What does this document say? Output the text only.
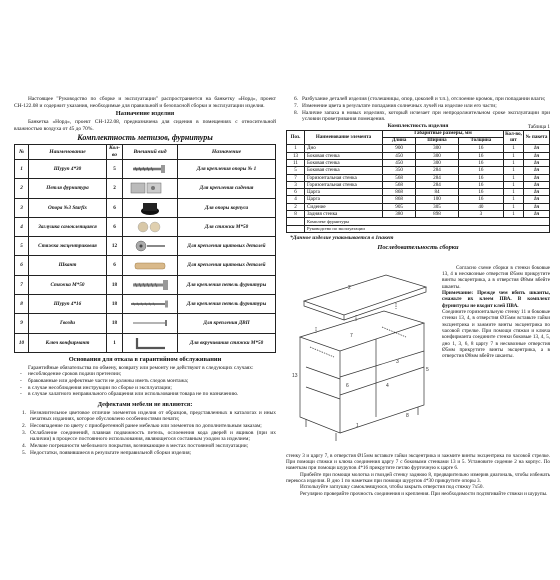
Настоящее "Руководство по сборке и эксплуатации" распространяется на банкетку «Норд», проект СН-122.08 и содержит указания, необходимые для правильной и безопасной сборки и эксплуатации изделия.

Назначение изделия

Банкетка «Норд», проект СН-122.08, предназначена для сидения в помещениях с относительной влажностью воздуха от 45 до 70%.

Комплектность метизов, фурнитуры
№	Наименование	Кол-во	Внешний вид	Назначение
1	Шуруп 4*30	5		Для крепления опоры № 1
2	Петля фурнитура	2		Для крепления сидения
3	Опора №3 Starfix	6		Для опоры корпуса
4	Заглушка самоклеящаяся	6		Для стяжки М*50
5	Стяжка эксцентриковая	12		Для крепления щитовых деталей
6	Шкант	6		Для крепления щитовых деталей
7	Стяжка М*50	18		Для крепления петель фурнитуры
8	Шуруп 4*16	18		Для крепления петель фурнитуры
9	Гвозди	18		Для крепления ДВП
10	Ключ конфирмант	1		Для вкручивания стяжки М*50
Основания для отказа в гарантийном обслуживании

Гарантийные обязательства по обмену, возврату или ремонту не действуют в следующих случаях:

- несоблюдение сроков подачи претензии;
- бракованные или дефектные части не должны иметь следов монтажа;
- в случае несоблюдения инструкции по сборке и эксплуатации;
- в случае халатного неправильного обращения или использования товара не по назначению.
Дефектами мебели не являются:
1. Незначительное цветовое отличие элементов изделия от образцов, представленных в каталогах и иных печатных изданиях, которое обусловлено особенностями печати;
2. Несовпадение по цвету с приобретенной ранее мебелью или элементов по дополнительным заказам;
3. Ослабление соединений, плавная подвижность петель, ослоенения кода дверей и ящиков (при их наличии) в процессе постоянного использования, являющегося составным уходом за изделием;
4. Мелкие погрешности мебельного покрытия, возникающие в местах постоянной эксплуатации;
5. Недостатки, появившиеся в результате неправильной сборки изделия;
6. Разбухание деталей изделия (столешницы, опор, цоколей и т.п.), отслоение кромок, при попадании влаги;
7. Изменение цвета в результате попадания солнечных лучей на изделие или его части;
8. Наличие запаха в новых изделиях, который исчезает при непродолжительном сроке эксплуатации при условии проветривания помещения.
Таблица 1
Комплектность изделия
Поз.	Наименование элемента	Габаритные размеры, мм			Кол-во, шт	№ пакета
		Длина	Ширина	Толщина		
1	Дно	900	300	16	1	1п
13	Боковая стенка	450	300	16	1	1п
11	Боковая стенка	450	300	16	1	1п
5	Боковая стенка	350	284	16	1	1п
7	Горизонтальная стенка	568	284	16	1	1п
3	Горизонтальная стенка	568	284	16	1	1п
6	Царга	868	84	16	1	1п
4	Царга	868	100	16	1	1п
2	Сидение	905	305	40	1	1п
8	Задняя стенка	380	898	3	1	1п
	Комплект фурнитуры					
	Руководство по эксплуатации					
*Данное изделие упаковывается в 1пакет
Последовательность сборки
2
7
13
6
3
5
1
4
8

Согласно схеме сборки в стенки боковые 13, 4 в несквозные отверстия Ø5мм прикрутите винты эксцентрика, а в отверстия Ø8мм вбейте шканты.

Примечание: Прежде чем вбить шканты, смажьте их клеем ПВА. В комплект фурнитуры не входит клей ПВА.

Соедините горизонтальную стенку 11 и боковые стенки 13, 4, в отверстия Ø15мм вставьте гайки эксцентрика и зажмите винты эксцентрика по часовой стрелке. При помощи стяжки и ключа конфирманта соедините стенки боковые 13, 4, 5, дно 1, 3, 6, 8 царгу 7 в несквозные отверстия Ø5мм прикрутите винты эксцентрика, а в отверстия Ø8мм вбейте шканты.

стенку 3 и царгу 7, в отверстия Ø15мм вставьте гайки эксцентрика и зажмите винты эксцентрика по часовой стрелке. При помощи стяжки и ключа соединения царгу 7 с боковыми стенками 13 и 5. Установите сидение 2 на корпус. По наметкам при помощи шурупов 4*16 прикрутите петлю фурточную к царге 6.

Прибейте при помощи молотка и гвоздей стенку заднюю 8, предварительно измерив диагональ, чтобы избежать перекоса изделия. В дно 1 по наметкам при помощи шурупов 4*30 прикрутите опоры 3.

Используйте заглушку самоклеящуюся, чтобы закрыть отверстия под стяжку 7x50.

Регулярно проверяйте прочность соединения и крепления. При необходимости подтягивайте стяжки и шурупы.
